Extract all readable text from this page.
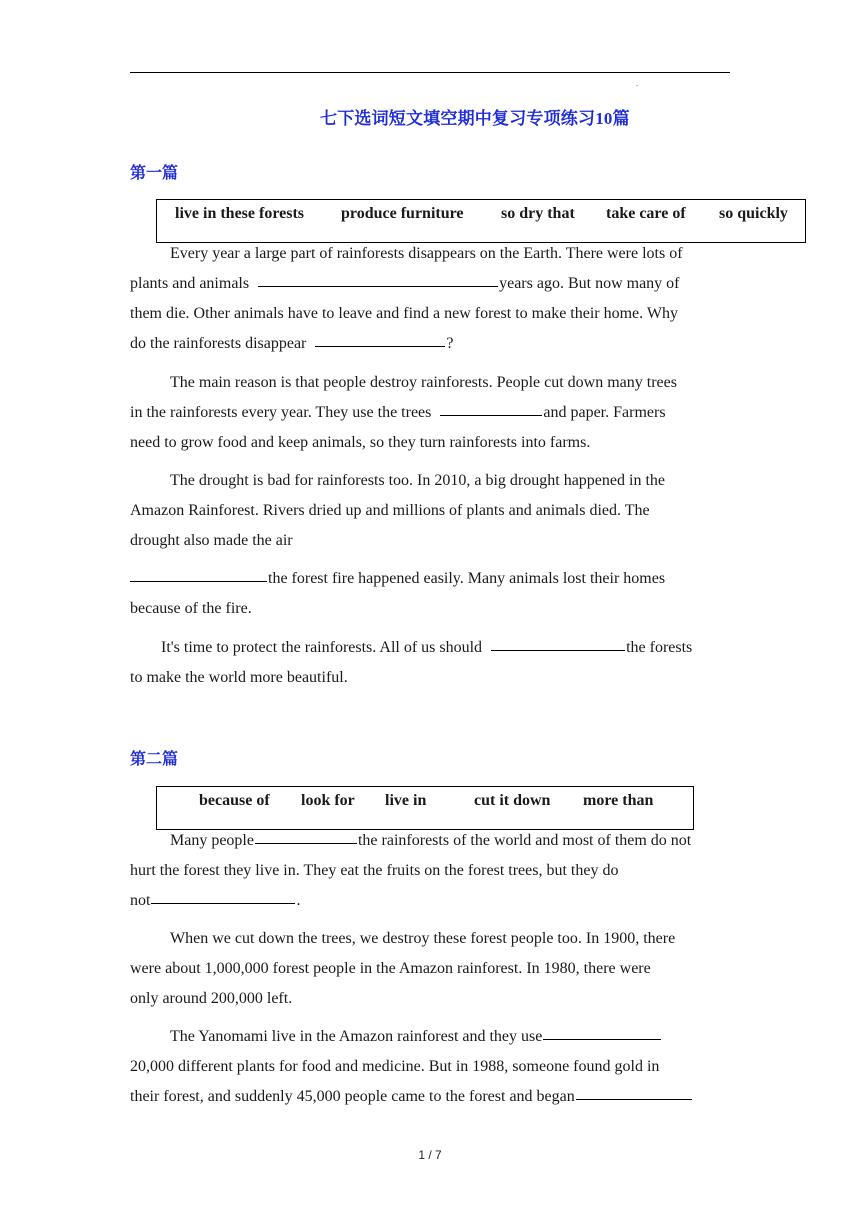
.
七下选词短文填空期中复习专项练习10篇
第一篇
live in these forests produce furniture so dry that take care of so quickly
Every year a large part of rainforests disappears on the Earth. There were lots of
plants and animals	years ago. But now many of
them die. Other animals have to leave and find a new forest to make their home. Why
do the rainforests disappear	?
The main reason is that people destroy rainforests. People cut down many trees
in the rainforests every year. They use the trees	and paper. Farmers
need to grow food and keep animals, so they turn rainforests into farms.
The drought is bad for rainforests too. In 2010, a big drought happened in the
Amazon Rainforest. Rivers dried up and millions of plants and animals died. The
drought also made the air
the forest fire happened easily. Many animals lost their homes
because of the fire.
It's time to protect the rainforests. All of us should	the forests
to make the world more beautiful.
第二篇
because of look for live in	cut it down more than
Many people	the rainforests of the world and most of them do not
hurt the forest they live in. They eat the fruits on the forest trees, but they do
not	.
When we cut down the trees, we destroy these forest people too. In 1900, there
were about 1,000,000 forest people in the Amazon rainforest. In 1980, there were
only around 200,000 left.
The Yanomami live in the Amazon rainforest and they use
20,000 different plants for food and medicine. But in 1988, someone found gold in
their forest, and suddenly 45,000 people came to the forest and began
1 / 7
